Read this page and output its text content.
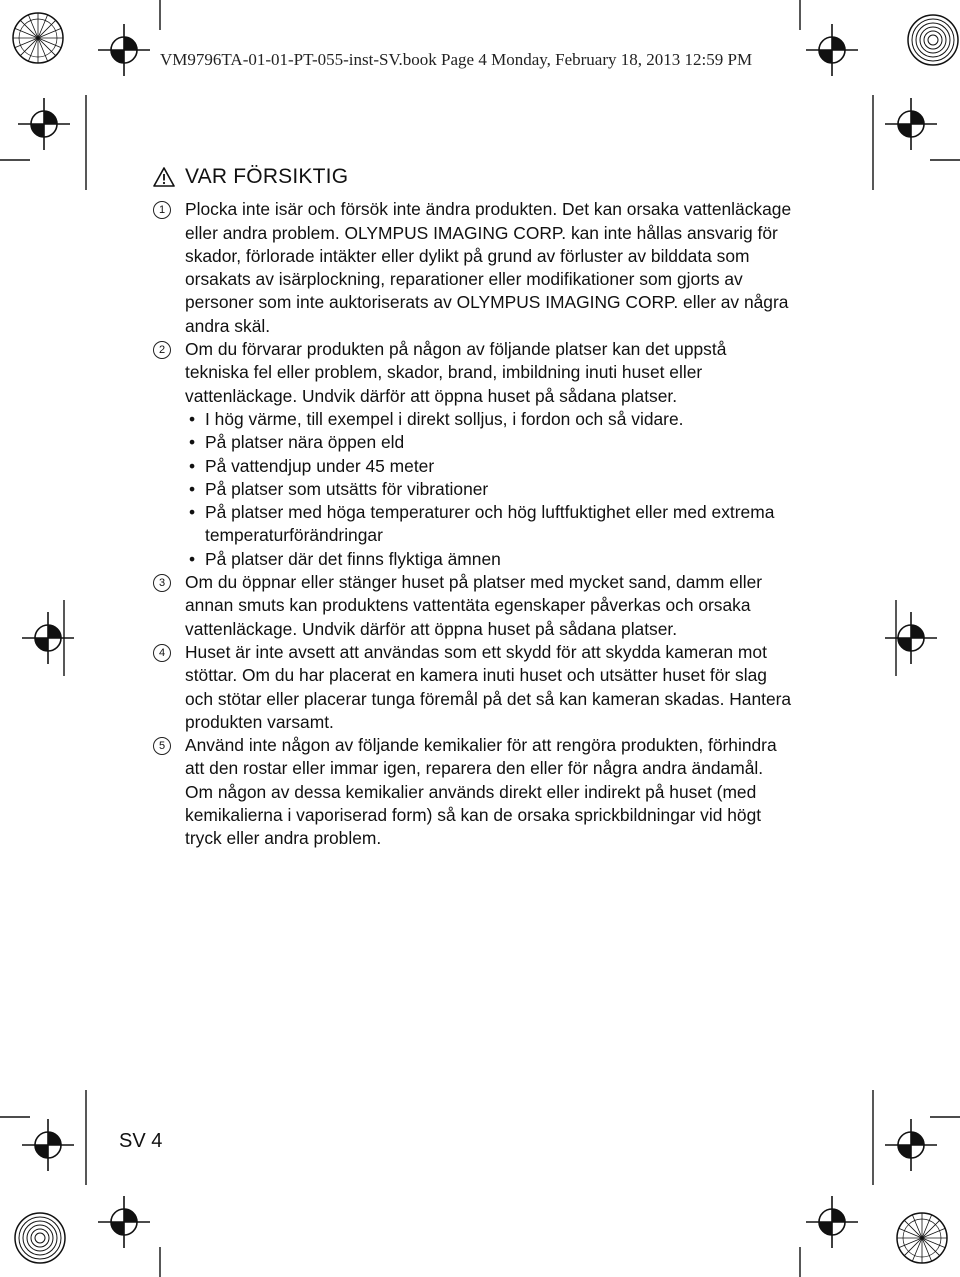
VM9796TA-01-01-PT-055-inst-SV.book Page 4 Monday, February 18, 2013 12:59 PM
VAR FÖRSIKTIG
1	Plocka inte isär och försök inte ändra produkten. Det kan orsaka vattenläckage eller andra problem. OLYMPUS IMAGING CORP. kan inte hållas ansvarig för skador, förlorade intäkter eller dylikt på grund av förluster av bilddata som orsakats av isärplockning, reparationer eller modifikationer som gjorts av personer som inte auktoriserats av OLYMPUS IMAGING CORP. eller av några andra skäl.

2	Om du förvarar produkten på någon av följande platser kan det uppstå tekniska fel eller problem, skador, brand, imbildning inuti huset eller vattenläckage. Undvik därför att öppna huset på sådana platser.

• I hög värme, till exempel i direkt solljus, i fordon och så vidare.
• På platser nära öppen eld
• På vattendjup under 45 meter
• På platser som utsätts för vibrationer
• På platser med höga temperaturer och hög luftfuktighet eller med extrema temperaturförändringar
• På platser där det finns flyktiga ämnen
3	Om du öppnar eller stänger huset på platser med mycket sand, damm eller annan smuts kan produktens vattentäta egenskaper påverkas och orsaka vattenläckage. Undvik därför att öppna huset på sådana platser.

4	Huset är inte avsett att användas som ett skydd för att skydda kameran mot stöttar. Om du har placerat en kamera inuti huset och utsätter huset för slag och stötar eller placerar tunga föremål på det så kan kameran skadas. Hantera produkten varsamt.

5	Använd inte någon av följande kemikalier för att rengöra produkten, förhindra att den rostar eller immar igen, reparera den eller för några andra ändamål. Om någon av dessa kemikalier används direkt eller indirekt på huset (med kemikalierna i vaporiserad form) så kan de orsaka sprickbildningar vid högt tryck eller andra problem.

SV 4
